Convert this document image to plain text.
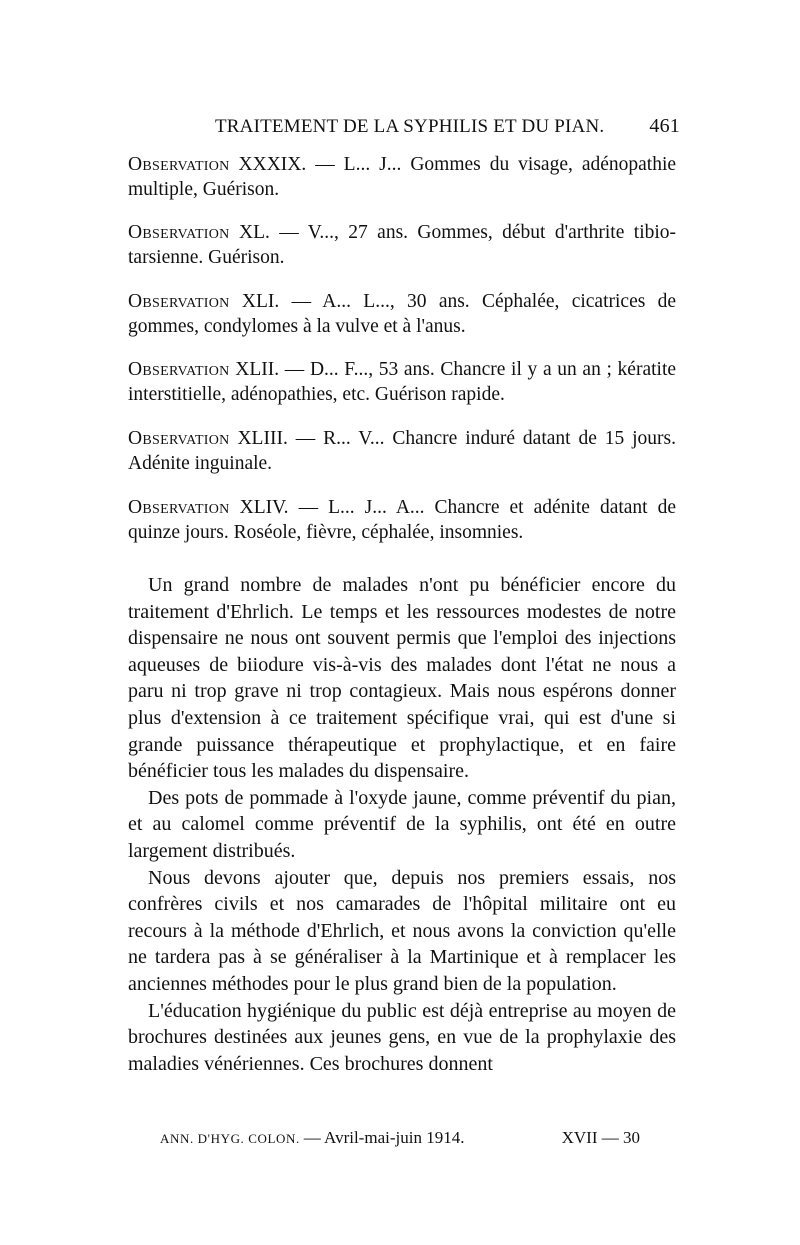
TRAITEMENT DE LA SYPHILIS ET DU PIAN. 461

Observation XXXIX. — L... J... Gommes du visage, adénopathie multiple, Guérison.

Observation XL. — V..., 27 ans. Gommes, début d'arthrite tibio-tarsienne. Guérison.

Observation XLI. — A... L..., 30 ans. Céphalée, cicatrices de gommes, condylomes à la vulve et à l'anus.

Observation XLII. — D... F..., 53 ans. Chancre il y a un an ; kératite interstitielle, adénopathies, etc. Guérison rapide.

Observation XLIII. — R... V... Chancre induré datant de 15 jours. Adénite inguinale.

Observation XLIV. — L... J... A... Chancre et adénite datant de quinze jours. Roséole, fièvre, céphalée, insomnies.

Un grand nombre de malades n'ont pu bénéficier encore du traitement d'Ehrlich. Le temps et les ressources modestes de notre dispensaire ne nous ont souvent permis que l'emploi des injections aqueuses de biiodure vis-à-vis des malades dont l'état ne nous a paru ni trop grave ni trop contagieux. Mais nous espérons donner plus d'extension à ce traitement spécifique vrai, qui est d'une si grande puissance thérapeutique et prophylactique, et en faire bénéficier tous les malades du dispensaire.

Des pots de pommade à l'oxyde jaune, comme préventif du pian, et au calomel comme préventif de la syphilis, ont été en outre largement distribués.

Nous devons ajouter que, depuis nos premiers essais, nos confrères civils et nos camarades de l'hôpital militaire ont eu recours à la méthode d'Ehrlich, et nous avons la conviction qu'elle ne tardera pas à se généraliser à la Martinique et à remplacer les anciennes méthodes pour le plus grand bien de la population.

L'éducation hygiénique du public est déjà entreprise au moyen de brochures destinées aux jeunes gens, en vue de la prophylaxie des maladies vénériennes. Ces brochures donnent

ANN. D'HYG. COLON. — Avril-mai-juin 1914.	XVII — 30
